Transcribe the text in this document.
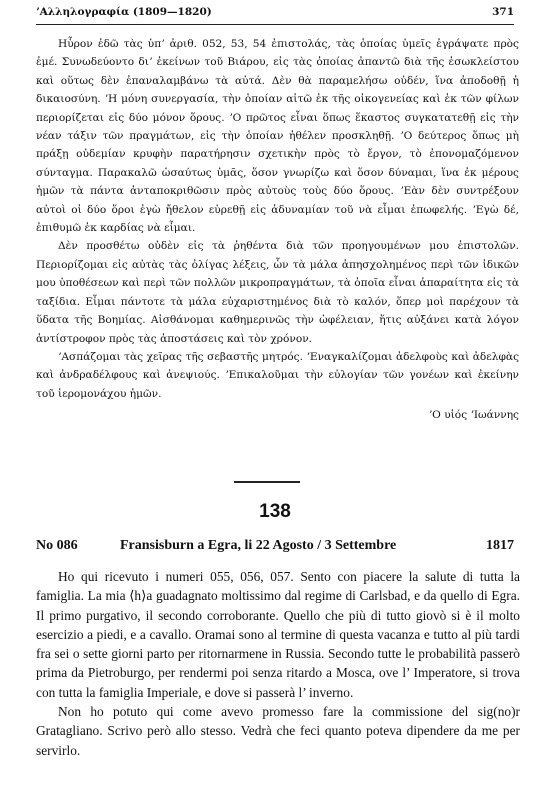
ʼΑλληλογραφία (1809—1820)	371

Ηὗρον ἐδῶ τὰς ὑπʼ ἀριθ. 052, 53, 54 ἐπιστολάς, τὰς ὁποίας ὑμεῖς ἐγράψατε πρὸς ἐμέ. Συνωδεύοντο διʼ ἐκείνων τοῦ Βιάρου, εἰς τὰς ὁποίας ἀπαντῶ διὰ τῆς ἐσωκλείστου καὶ οὕτως δὲν ἐπαναλαμβάνω τὰ αὐτά. Δὲν θὰ παραμελήσω οὐδέν, ἵνα ἀποδοθῇ ἡ δικαιοσύνη. ʼΗ μόνη συνεργασία, τὴν ὁποίαν αἰτῶ ἐκ τῆς οἰκογενείας καὶ ἐκ τῶν φίλων περιορίζεται εἰς δύο μόνον ὅρους. ʼΟ πρῶτος εἶναι ὅπως ἕκαστος συγκατατεθῇ εἰς τὴν νέαν τάξιν τῶν πραγμάτων, εἰς τὴν ὁποίαν ἠθέλεν προσκληθῇ. ʼΟ δεύτερος ὅπως μὴ πράξῃ οὐδεμίαν κρυφὴν παρατήρησιν σχετικὴν πρὸς τὸ ἔργον, τὸ ἐπονομαζόμενον σύνταγμα. Παρακαλῶ ὡσαύτως ὑμᾶς, ὅσον γνωρίζω καὶ ὅσον δύναμαι, ἵνα ἐκ μέρους ἡμῶν τὰ πάντα ἀνταποκριθῶσιν πρὸς αὐτοὺς τοὺς δύο ὅρους. ʼΕὰν δὲν συντρέξουν αὐτοὶ οἱ δύο ὅροι ἐγὼ ἤθελον εὑρεθῇ εἰς ἀδυναμίαν τοῦ νὰ εἶμαι ἐπωφελής. ʼΕγὼ δέ, ἐπιθυμῶ ἐκ καρδίας νὰ εἶμαι.

Δὲν προσθέτω οὐδὲν εἰς τὰ ῥηθέντα διὰ τῶν προηγουμένων μου ἐπιστολῶν. Περιορίζομαι εἰς αὐτὰς τὰς ὀλίγας λέξεις, ὧν τὰ μάλα ἀπησχολημένος περὶ τῶν ἰδικῶν μου ὑποθέσεων καὶ περὶ τῶν πολλῶν μικροπραγμάτων, τὰ ὁποῖα εἶναι ἀπαραίτητα εἰς τὰ ταξίδια. Εἶμαι πάντοτε τὰ μάλα εὐχαριστημένος διὰ τὸ καλόν, ὅπερ μοὶ παρέχουν τὰ ὕδατα τῆς Βοημίας. Αἰσθάνομαι καθημερινῶς τὴν ὠφέλειαν, ἥτις αὐξάνει κατὰ λόγον ἀντίστροφον πρὸς τὰς ἀποστάσεις καὶ τὸν χρόνον.

ʼΑσπάζομαι τὰς χεῖρας τῆς σεβαστῆς μητρός. ʼΕναγκαλίζομαι ἀδελφοὺς καὶ ἀδελφὰς καὶ ἀνδραδέλφους καὶ ἀνεψιούς. ʼΕπικαλοῦμαι τὴν εὐλογίαν τῶν γονέων καὶ ἐκείνην τοῦ ἱερομονάχου ἡμῶν.

ʼΟ υἱός ʼΙωάννης

138
No 086	Fransisburn a Egra, li 22 Agosto / 3 Settembre	1817

Ho qui ricevuto i numeri 055, 056, 057. Sento con piacere la salute di tutta la famiglia. La mia ⟨h⟩a guadagnato moltissimo dal regime di Carlsbad, e da quello di Egra. Il primo purgativo, il secondo corroborante. Quello che più di tutto giovò si è il molto esercizio a piedi, e a cavallo. Oramai sono al termine di questa vacanza e tutto al più tardi fra sei o sette giorni parto per ritornarmene in Russia. Secondo tutte le probabilità passerò prima da Pietroburgo, per rendermi poi senza ritardo a Mosca, ove l’ Imperatore, si trova con tutta la famiglia Imperiale, e dove si passerà l’ inverno.

Non ho potuto qui come avevo promesso fare la commissione del sig(no)r Gratagliano. Scrivo però allo stesso. Vedrà che feci quanto poteva dipendere da me per servirlo.
